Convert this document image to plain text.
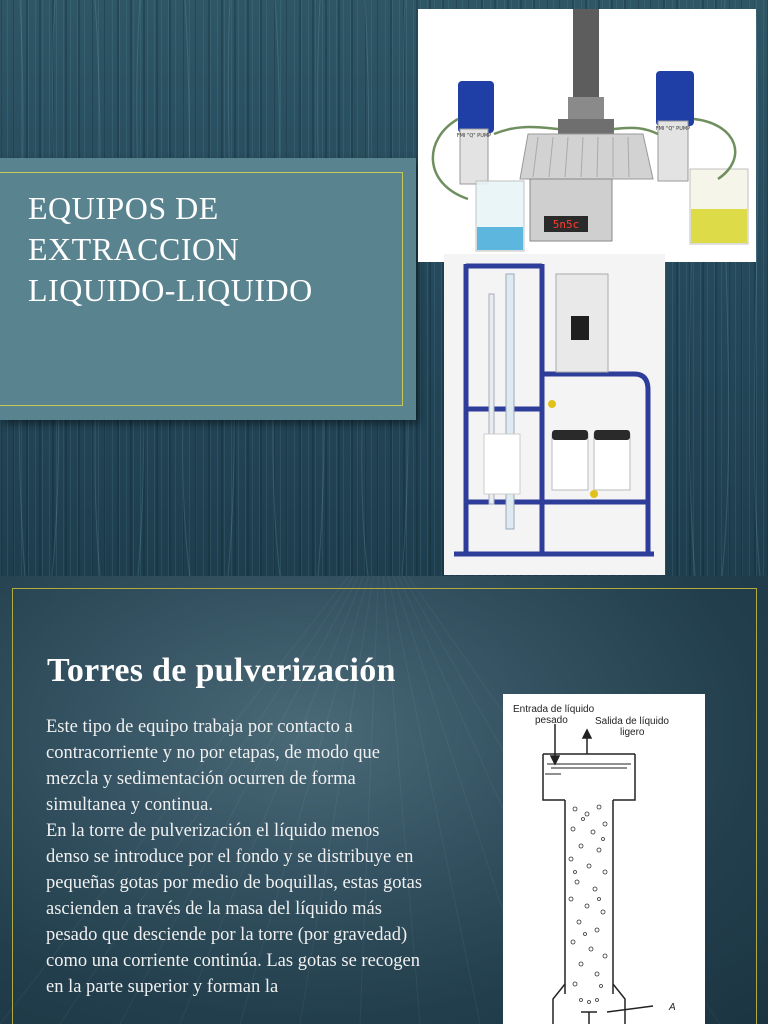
EQUIPOS DE
EXTRACCION
LIQUIDO-LIQUIDO
5n5c
FMI "Q" PUMP
FMI "Q" PUMP
Torres de pulverización

Este tipo de equipo trabaja por contacto a contracorriente y no por etapas, de modo que mezcla y sedimentación ocurren de forma simultanea y continua.

En la torre de pulverización el líquido menos denso se introduce por el fondo y se distribuye en pequeñas gotas por medio de boquillas, estas gotas ascienden a través de la masa del líquido más pesado que desciende por la torre (por gravedad) como una corriente continúa. Las gotas se recogen en la parte superior y forman la

Entrada de líquido
pesado	Salida de líquido
ligero
A
